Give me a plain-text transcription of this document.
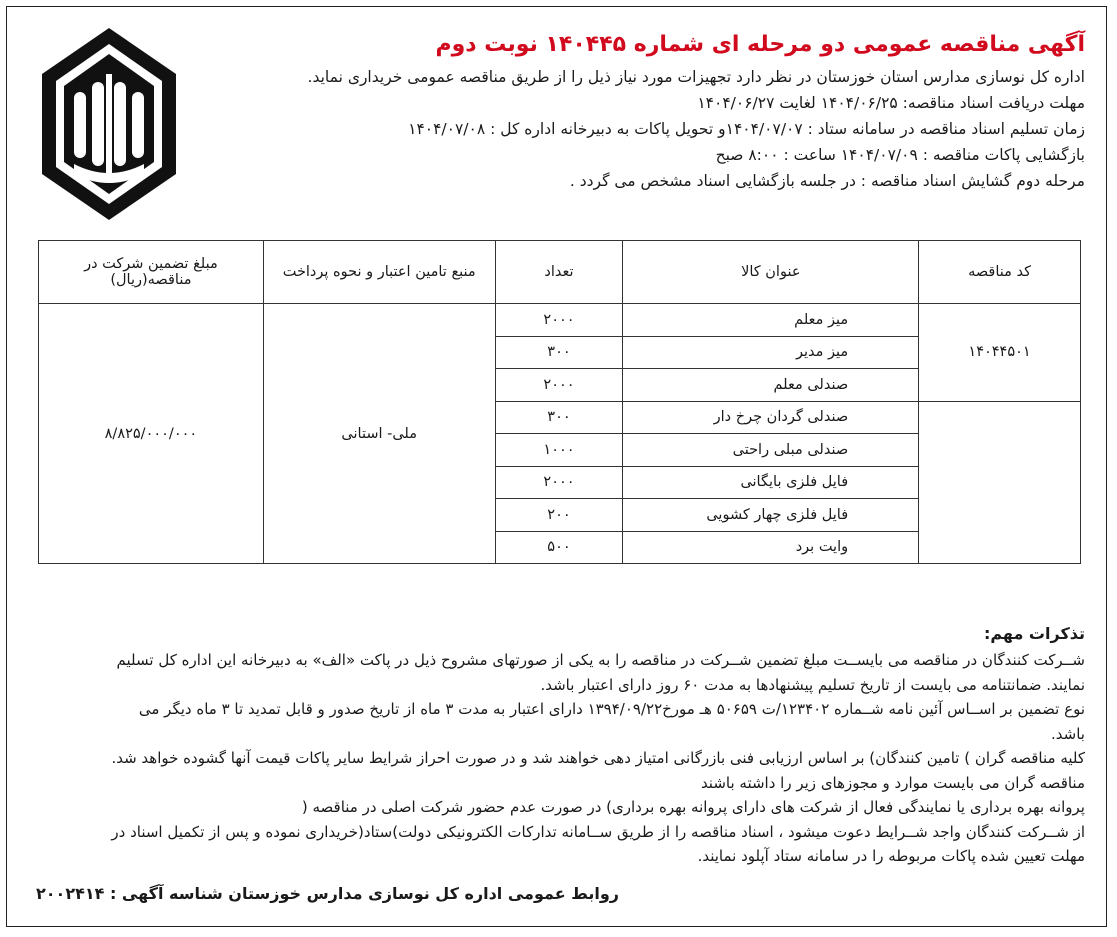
آگهی مناقصه عمومی دو مرحله ای شماره ۱۴۰۴۴۵ نوبت دوم
اداره کل نوسازی مدارس استان خوزستان در نظر دارد تجهیزات مورد نیاز ذیل را از طریق مناقصه عمومی خریداری نماید.
مهلت دریافت اسناد مناقصه: ۱۴۰۴/۰۶/۲۵ لغایت ۱۴۰۴/۰۶/۲۷
زمان تسلیم اسناد مناقصه در سامانه ستاد : ۱۴۰۴/۰۷/۰۷و تحویل پاکات به دبیرخانه اداره کل : ۱۴۰۴/۰۷/۰۸
بازگشایی پاکات مناقصه : ۱۴۰۴/۰۷/۰۹ ساعت : ۸:۰۰ صبح
مرحله دوم گشایش اسناد مناقصه : در جلسه بازگشایی اسناد مشخص می گردد .
کد مناقصه	عنوان کالا	تعداد	منبع تامین اعتبار و نحوه پرداخت	مبلغ تضمین شرکت در مناقصه(ریال)
۱۴۰۴۴۵۰۱	میز معلم	۲۰۰۰	ملی- استانی	۸/۸۲۵/۰۰۰/۰۰۰
	میز مدیر	۳۰۰		
	صندلی معلم	۲۰۰۰		
	صندلی گردان چرخ دار	۳۰۰		
	صندلی مبلی راحتی	۱۰۰۰		
	فایل فلزی بایگانی	۲۰۰۰		
	فایل فلزی چهار کشویی	۲۰۰		
	وایت برد	۵۰۰		
تذکرات مهم:
شــرکت کنندگان در مناقصه می بایســت مبلغ تضمین شــرکت در مناقصه را به یکی از صورتهای مشروح ذیل در پاکت «الف» به دبیرخانه این اداره کل تسلیم
نمایند. ضمانتنامه می بایست از تاریخ تسلیم پیشنهادها به مدت ۶۰ روز دارای اعتبار باشد.
نوع تضمین بر اســاس آئین نامه شــماره ۱۲۳۴۰۲/ت ۵۰۶۵۹ هـ مورخ۱۳۹۴/۰۹/۲۲ دارای اعتبار به مدت ۳ ماه از تاریخ صدور و قابل تمدید تا ۳ ماه دیگر می
باشد.
کلیه مناقصه گران ) تامین کنندگان) بر اساس ارزیابی فنی بازرگانی امتیاز دهی خواهند شد و در صورت احراز شرایط سایر پاکات قیمت آنها گشوده خواهد شد.
مناقصه گران می بایست موارد و مجوزهای زیر را داشته باشند
پروانه بهره برداری یا نمایندگی فعال از شرکت های دارای پروانه بهره برداری) در صورت عدم حضور شرکت اصلی در مناقصه (
از شــرکت کنندگان واجد شــرایط دعوت میشود ، اسناد مناقصه را از طریق ســامانه تدارکات الکترونیکی دولت)ستاد(خریداری نموده و پس از تکمیل اسناد در
مهلت تعیین شده پاکات مربوطه را در سامانه ستاد آپلود نمایند.
روابط عمومی اداره کل نوسازی مدارس خوزستان شناسه آگهی : ۲۰۰۲۴۱۴
